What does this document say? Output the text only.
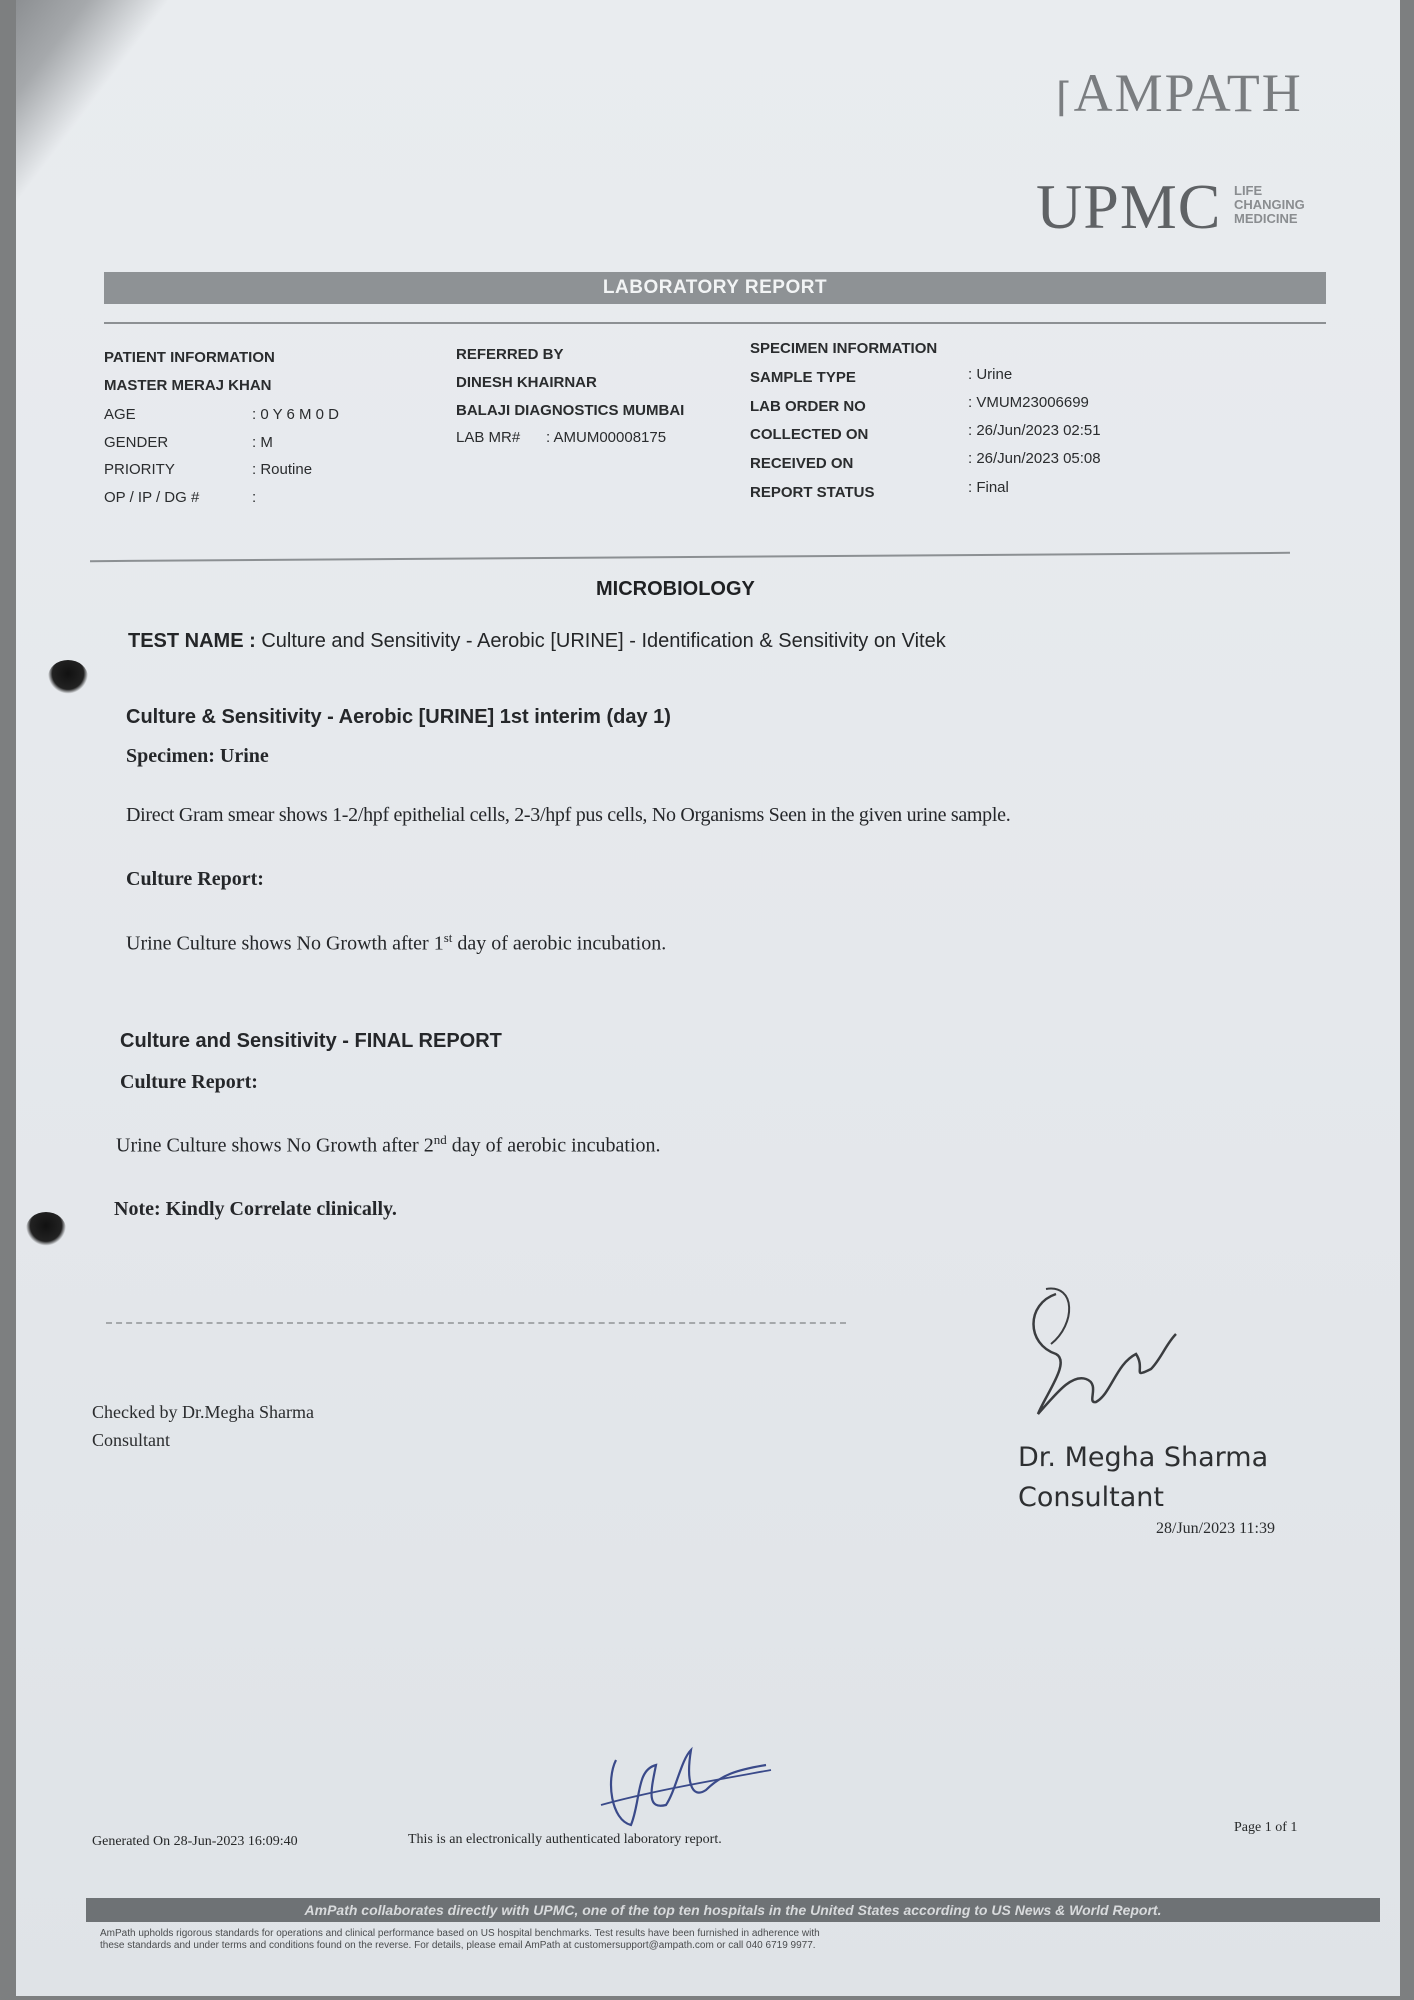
⌈AMPATH
UPMC LIFE
CHANGING
MEDICINE
LABORATORY REPORT
PATIENT INFORMATION
MASTER MERAJ KHAN
AGE	: 0 Y 6 M 0 D
GENDER	: M
PRIORITY	: Routine
OP / IP / DG #	:
REFERRED BY
DINESH KHAIRNAR
BALAJI DIAGNOSTICS MUMBAI
LAB MR# : AMUM00008175
SPECIMEN INFORMATION
SAMPLE TYPE	: Urine
LAB ORDER NO	: VMUM23006699
COLLECTED ON	: 26/Jun/2023 02:51
RECEIVED ON	: 26/Jun/2023 05:08
REPORT STATUS	: Final
MICROBIOLOGY
TEST NAME : Culture and Sensitivity - Aerobic [URINE] - Identification & Sensitivity on Vitek
Culture & Sensitivity - Aerobic [URINE] 1st interim (day 1)
Specimen: Urine
Direct Gram smear shows 1-2/hpf epithelial cells, 2-3/hpf pus cells, No Organisms Seen in the given urine sample.
Culture Report:
Urine Culture shows No Growth after 1st day of aerobic incubation.
Culture and Sensitivity - FINAL REPORT
Culture Report:
Urine Culture shows No Growth after 2nd day of aerobic incubation.
Note: Kindly Correlate clinically.
Checked by Dr.Megha Sharma
Consultant
Dr. Megha Sharma
Consultant
28/Jun/2023 11:39
Generated On 28-Jun-2023 16:09:40	This is an electronically authenticated laboratory report.
Page 1 of 1
AmPath collaborates directly with UPMC, one of the top ten hospitals in the United States according to US News & World Report.
AmPath upholds rigorous standards for operations and clinical performance based on US hospital benchmarks. Test results have been furnished in adherence with
these standards and under terms and conditions found on the reverse. For details, please email AmPath at customersupport@ampath.com or call 040 6719 9977.
